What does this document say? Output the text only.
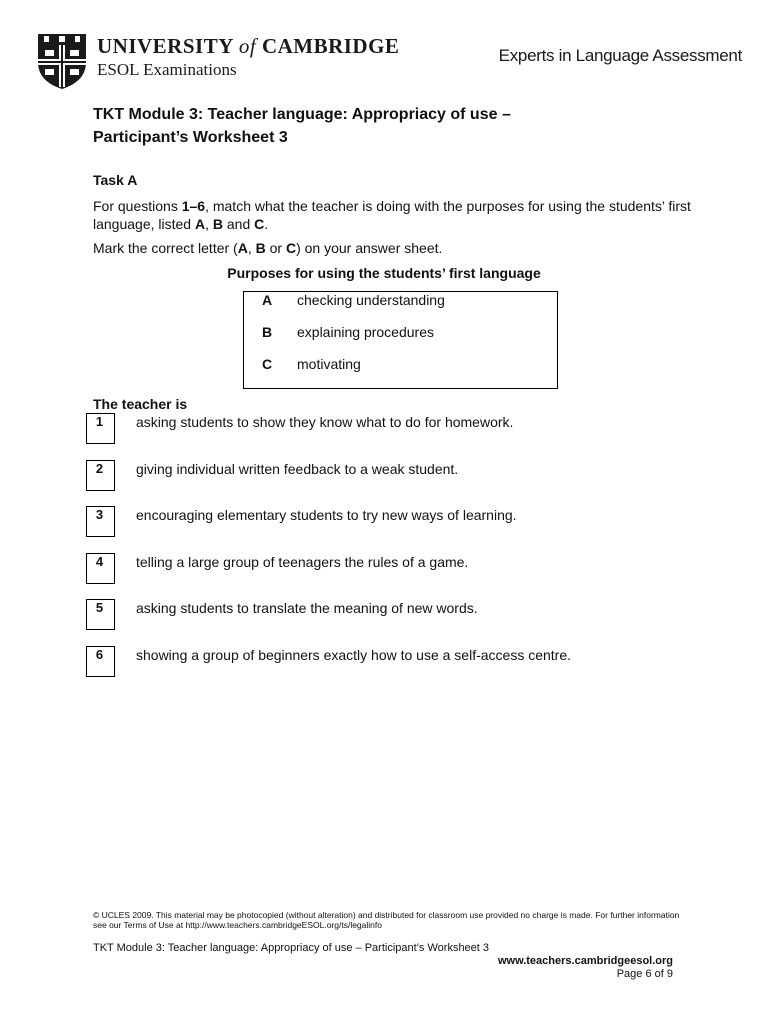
UNIVERSITY of CAMBRIDGE
ESOL Examinations
Experts in Language Assessment
TKT Module 3: Teacher language: Appropriacy of use –
Participant’s Worksheet 3
Task A
For questions 1–6, match what the teacher is doing with the purposes for using the students’ first language, listed A, B and C.
Mark the correct letter (A, B or C) on your answer sheet.
Purposes for using the students’ first language
A checking understanding
B explaining procedures
C motivating
The teacher is
1	asking students to show they know what to do for homework.
2	giving individual written feedback to a weak student.
3	encouraging elementary students to try new ways of learning.
4	telling a large group of teenagers the rules of a game.
5	asking students to translate the meaning of new words.
6	showing a group of beginners exactly how to use a self-access centre.
© UCLES 2009. This material may be photocopied (without alteration) and distributed for classroom use provided no charge is made. For further information see our Terms of Use at http://www.teachers.cambridgeESOL.org/ts/legalinfo
TKT Module 3: Teacher language: Appropriacy of use – Participant’s Worksheet 3
www.teachers.cambridgeesol.org
Page 6 of 9
